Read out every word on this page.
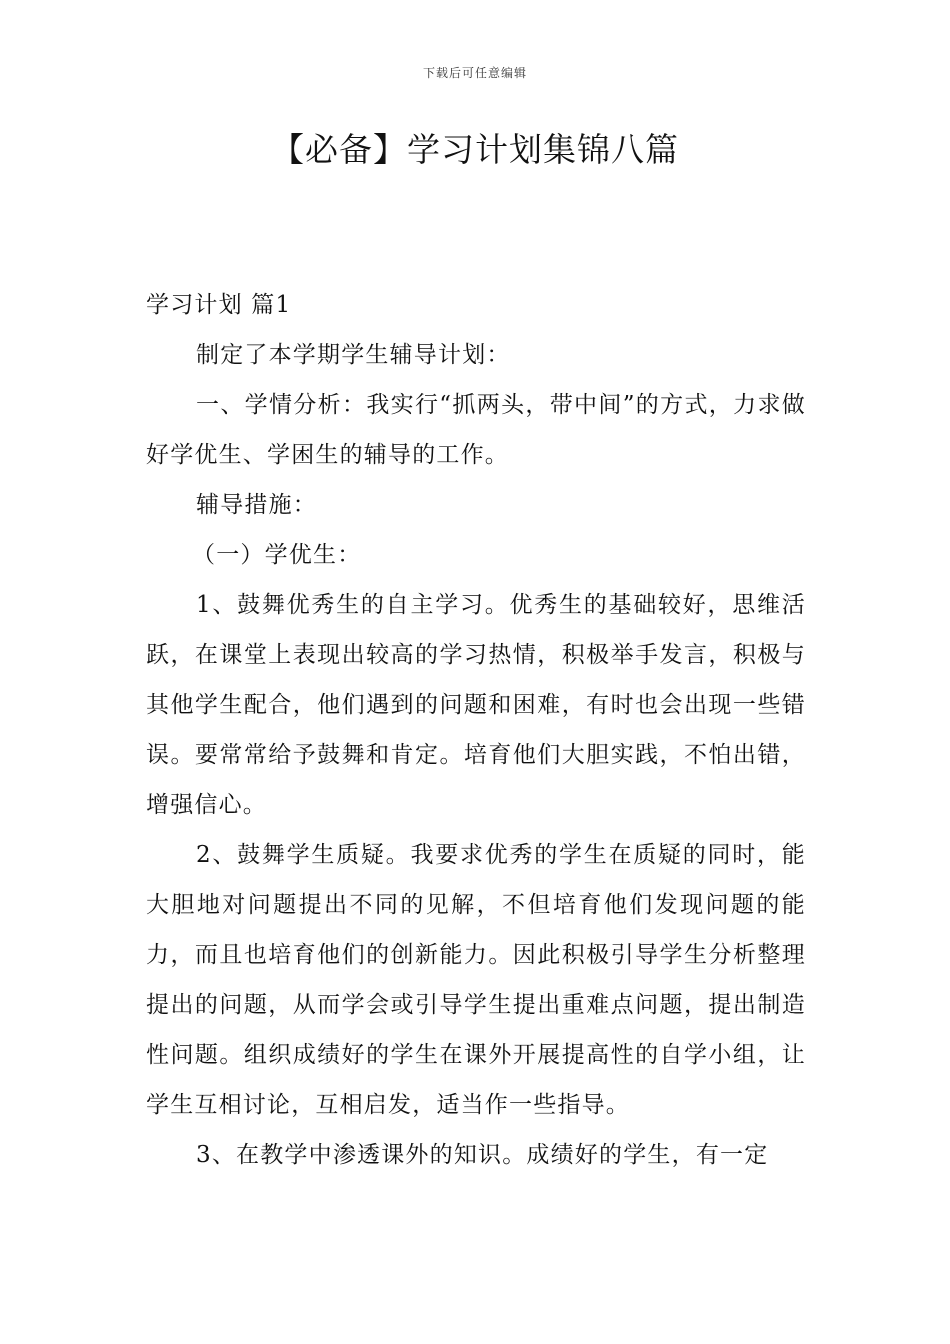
下载后可任意编辑
【必备】学习计划集锦八篇

学习计划 篇1

制定了本学期学生辅导计划：

一、学情分析：我实行“抓两头，带中间”的方式，力求做好学优生、学困生的辅导的工作。

辅导措施：

（一）学优生：

1、鼓舞优秀生的自主学习。优秀生的基础较好，思维活跃，在课堂上表现出较高的学习热情，积极举手发言，积极与其他学生配合，他们遇到的问题和困难，有时也会出现一些错误。要常常给予鼓舞和肯定。培育他们大胆实践，不怕出错，增强信心。

2、鼓舞学生质疑。我要求优秀的学生在质疑的同时，能大胆地对问题提出不同的见解，不但培育他们发现问题的能力，而且也培育他们的创新能力。因此积极引导学生分析整理提出的问题，从而学会或引导学生提出重难点问题，提出制造性问题。组织成绩好的学生在课外开展提高性的自学小组，让学生互相讨论，互相启发，适当作一些指导。

3、在教学中渗透课外的知识。成绩好的学生，有一定
